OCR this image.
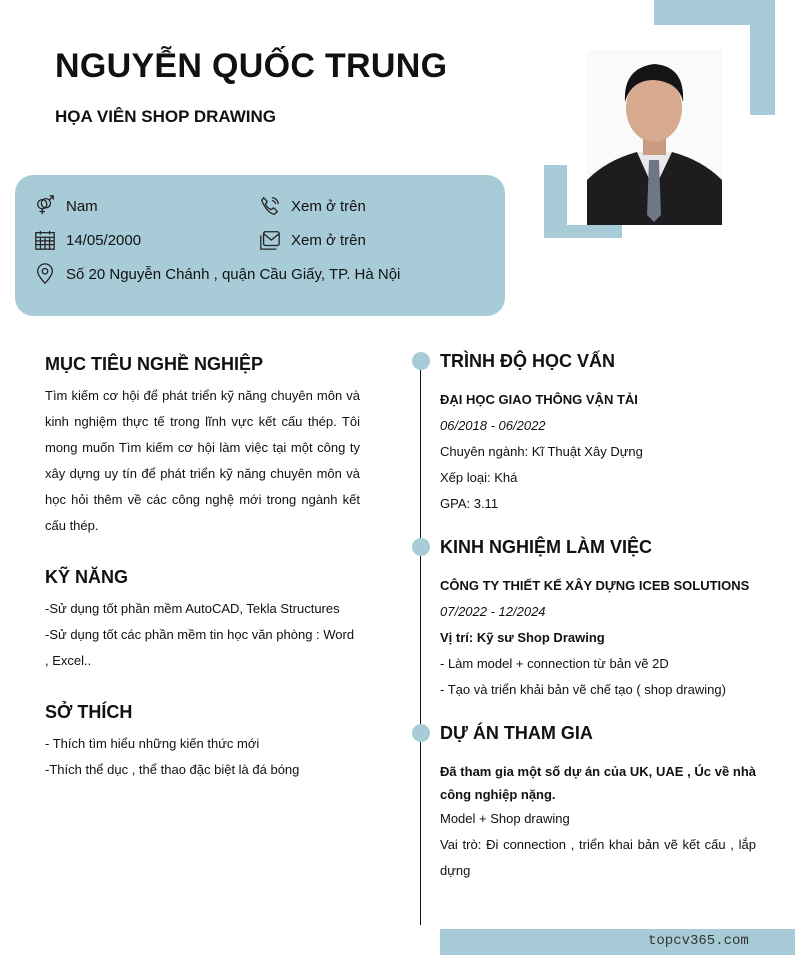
NGUYỄN QUỐC TRUNG
HỌA VIÊN SHOP DRAWING
Nam	Xem ở trên
14/05/2000	Xem ở trên
Số 20 Nguyễn Chánh , quận Cầu Giấy, TP. Hà Nội
MỤC TIÊU NGHỀ NGHIỆP
Tìm kiếm cơ hội để phát triển kỹ năng chuyên môn và kinh nghiệm thực tế trong lĩnh vực kết cấu thép. Tôi mong muốn Tìm kiếm cơ hội làm việc tại một công ty xây dựng uy tín để phát triển kỹ năng chuyên môn và học hỏi thêm về các công nghệ mới trong ngành kết cấu thép.
KỸ NĂNG
-Sử dụng tốt phần mềm AutoCAD, Tekla Structures
-Sử dụng tốt các phần mềm tin học văn phòng : Word , Excel..
SỞ THÍCH
- Thích tìm hiểu những kiến thức mới
-Thích thể dục , thể thao đặc biệt là đá bóng
TRÌNH ĐỘ HỌC VẤN
ĐẠI HỌC GIAO THÔNG VẬN TẢI
06/2018 - 06/2022
Chuyên ngành: Kĩ Thuật Xây Dựng
Xếp loại: Khá
GPA: 3.11
KINH NGHIỆM LÀM VIỆC
CÔNG TY THIẾT KẾ XÂY DỰNG ICEB SOLUTIONS
07/2022 - 12/2024
Vị trí: Kỹ sư Shop Drawing
- Làm model + connection từ bản vẽ 2D
- Tạo và triển khải bản vẽ chế tạo ( shop drawing)
DỰ ÁN THAM GIA
Đã tham gia một số dự án của UK, UAE , Úc về nhà công nghiệp nặng.
Model + Shop drawing
Vai trò: Đi connection , triển khai bản vẽ kết cấu , lắp dựng
topcv365.com
